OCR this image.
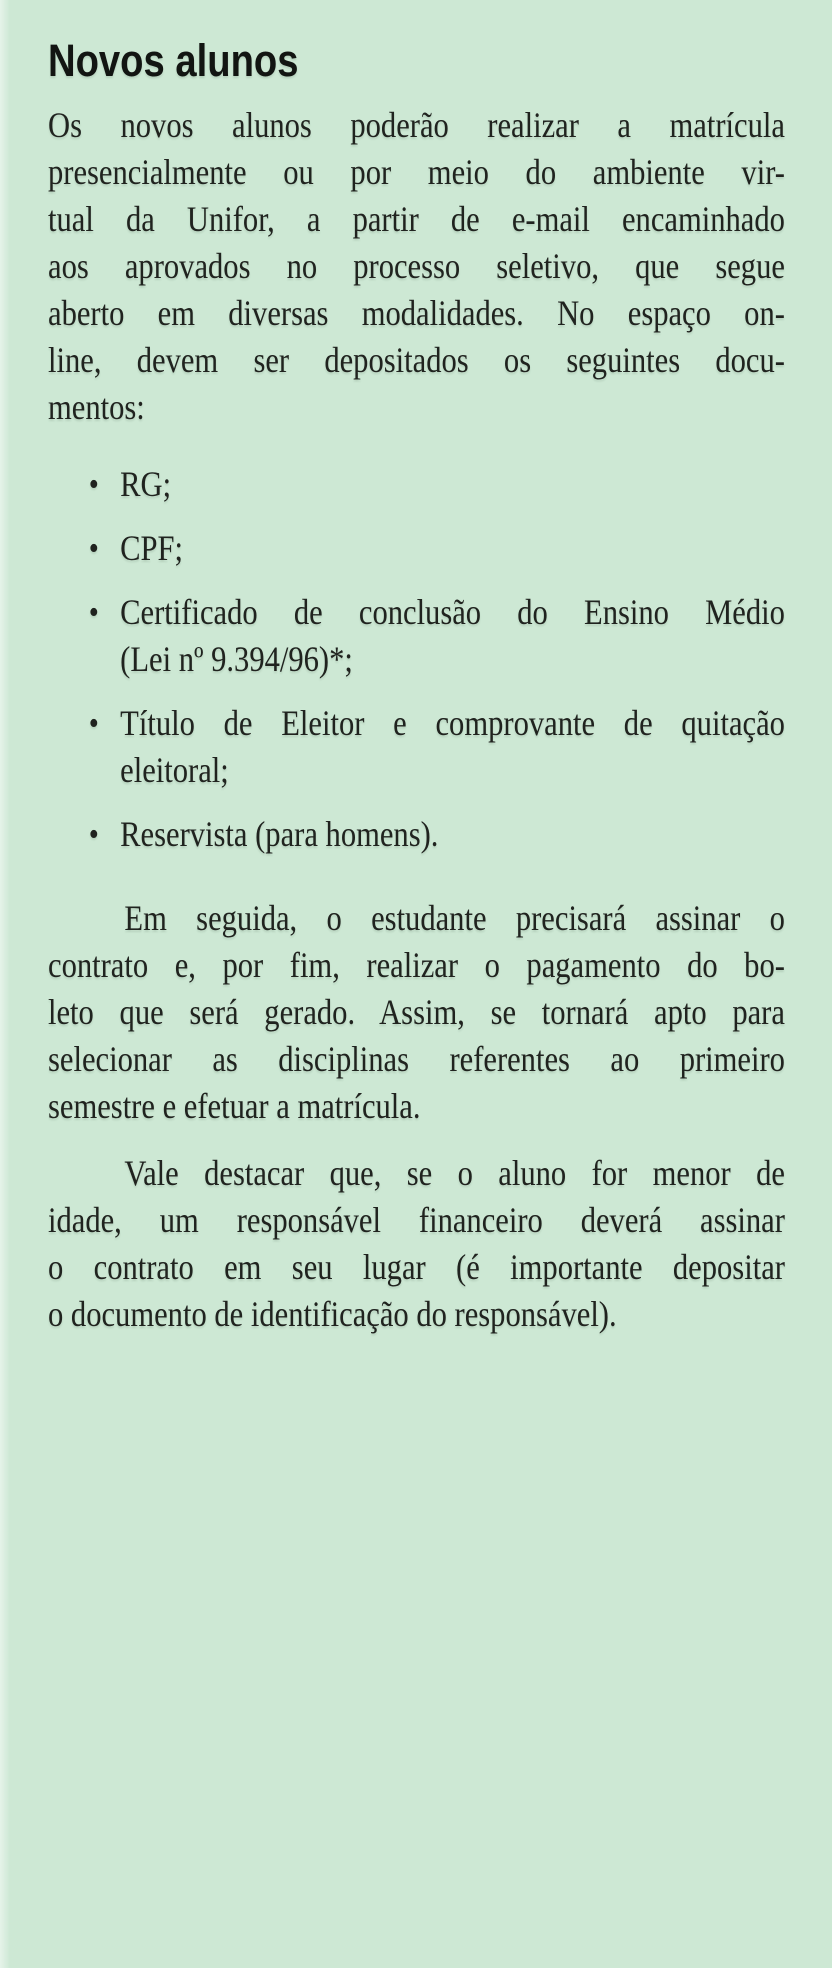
Novos alunos
Os novos alunos poderão realizar a matrícula
presencialmente ou por meio do ambiente vir-
tual da Unifor, a partir de e-mail encaminhado
aos aprovados no processo seletivo, que segue
aberto em diversas modalidades. No espaço on-
line, devem ser depositados os seguintes docu-
mentos:
• RG;
• CPF;
• Certificado de conclusão do Ensino Médio
(Lei nº 9.394/96)*;
• Título de Eleitor e comprovante de quitação
eleitoral;
• Reservista (para homens).
Em seguida, o estudante precisará assinar o
contrato e, por fim, realizar o pagamento do bo-
leto que será gerado. Assim, se tornará apto para
selecionar as disciplinas referentes ao primeiro
semestre e efetuar a matrícula.
Vale destacar que, se o aluno for menor de
idade, um responsável financeiro deverá assinar
o contrato em seu lugar (é importante depositar
o documento de identificação do responsável).
